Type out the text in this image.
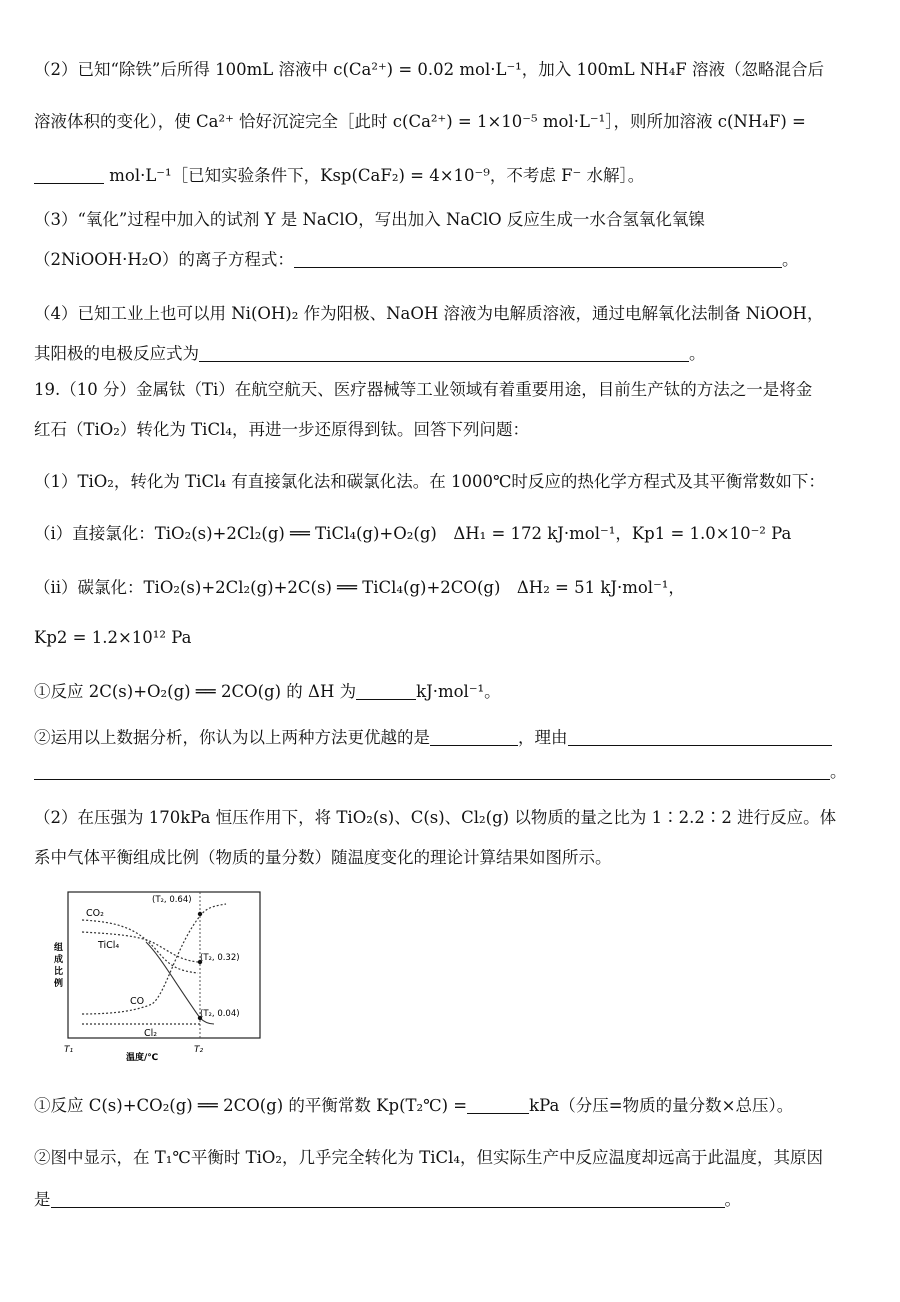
（2）已知“除铁”后所得 100mL 溶液中 c(Ca²⁺) = 0.02 mol·L⁻¹，加入 100mL NH₄F 溶液（忽略混合后
溶液体积的变化），使 Ca²⁺ 恰好沉淀完全［此时 c(Ca²⁺) = 1×10⁻⁵ mol·L⁻¹］，则所加溶液 c(NH₄F) =
mol·L⁻¹［已知实验条件下，Ksp(CaF₂) = 4×10⁻⁹，不考虑 F⁻ 水解］。
（3）“氧化”过程中加入的试剂 Y 是 NaClO，写出加入 NaClO 反应生成一水合氢氧化氧镍
（2NiOOH·H₂O）的离子方程式：	。
（4）已知工业上也可以用 Ni(OH)₂ 作为阳极、NaOH 溶液为电解质溶液，通过电解氧化法制备 NiOOH，
其阳极的电极反应式为	。
19.（10 分）金属钛（Ti）在航空航天、医疗器械等工业领域有着重要用途，目前生产钛的方法之一是将金
红石（TiO₂）转化为 TiCl₄，再进一步还原得到钛。回答下列问题：
（1）TiO₂，转化为 TiCl₄ 有直接氯化法和碳氯化法。在 1000℃时反应的热化学方程式及其平衡常数如下：
（ⅰ）直接氯化：TiO₂(s)+2Cl₂(g) ══ TiCl₄(g)+O₂(g)　ΔH₁ = 172 kJ·mol⁻¹，Kp1 = 1.0×10⁻² Pa
（ⅱ）碳氯化：TiO₂(s)+2Cl₂(g)+2C(s) ══ TiCl₄(g)+2CO(g)　ΔH₂ = 51 kJ·mol⁻¹，
Kp2 = 1.2×10¹² Pa
①反应 2C(s)+O₂(g) ══ 2CO(g) 的 ΔH 为	kJ·mol⁻¹。
②运用以上数据分析，你认为以上两种方法更优越的是	，理由
。
（2）在压强为 170kPa 恒压作用下，将 TiO₂(s)、C(s)、Cl₂(g) 以物质的量之比为 1∶2.2∶2 进行反应。体
系中气体平衡组成比例（物质的量分数）随温度变化的理论计算结果如图所示。
CO₂
TiCl₄
CO
Cl₂
(T₂, 0.64)
(T₂, 0.32)
(T₂, 0.04)
组
成
比
例
T₁	T₂
温度/℃
①反应 C(s)+CO₂(g) ══ 2CO(g) 的平衡常数 Kp(T₂℃) =	kPa（分压=物质的量分数×总压）。
②图中显示，在 T₁℃平衡时 TiO₂，几乎完全转化为 TiCl₄，但实际生产中反应温度却远高于此温度，其原因
是	。
